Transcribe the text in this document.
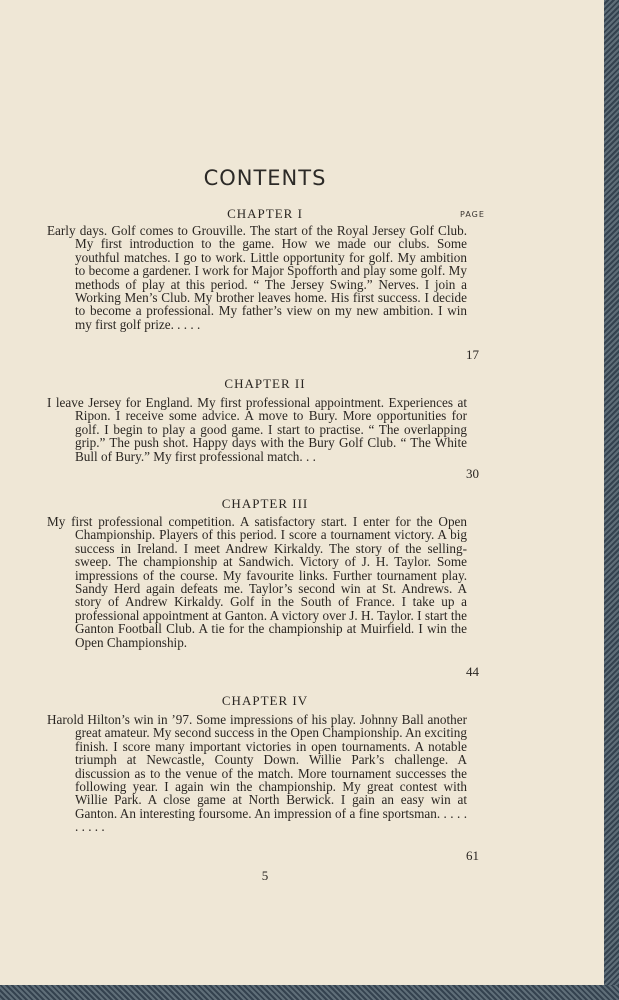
CONTENTS
PAGE
CHAPTER I

Early days. Golf comes to Grouville. The start of the Royal Jersey Golf Club. My first introduction to the game. How we made our clubs. Some youthful matches. I go to work. Little opportunity for golf. My ambition to become a gardener. I work for Major Spofforth and play some golf. My methods of play at this period. “ The Jersey Swing.” Nerves. I join a Working Men’s Club. My brother leaves home. His first success. I decide to become a professional. My father’s view on my new ambition. I win my first golf prize. . . . .

17
CHAPTER II

I leave Jersey for England. My first professional appointment. Experiences at Ripon. I receive some advice. A move to Bury. More opportunities for golf. I begin to play a good game. I start to practise. “ The overlapping grip.” The push shot. Happy days with the Bury Golf Club. “ The White Bull of Bury.” My first professional match. . .

30
CHAPTER III

My first professional competition. A satisfactory start. I enter for the Open Championship. Players of this period. I score a tournament victory. A big success in Ireland. I meet Andrew Kirkaldy. The story of the selling-sweep. The championship at Sandwich. Victory of J. H. Taylor. Some impressions of the course. My favourite links. Further tournament play. Sandy Herd again defeats me. Taylor’s second win at St. Andrews. A story of Andrew Kirkaldy. Golf in the South of France. I take up a professional appointment at Ganton. A victory over J. H. Taylor. I start the Ganton Football Club. A tie for the championship at Muirfield. I win the Open Championship.

44
CHAPTER IV

Harold Hilton’s win in ’97. Some impressions of his play. Johnny Ball another great amateur. My second success in the Open Championship. An exciting finish. I score many important victories in open tournaments. A notable triumph at Newcastle, County Down. Willie Park’s challenge. A discussion as to the venue of the match. More tournament successes the following year. I again win the championship. My great contest with Willie Park. A close game at North Berwick. I gain an easy win at Ganton. An interesting foursome. An impression of a fine sportsman. . . . . . . . . .

61
5
